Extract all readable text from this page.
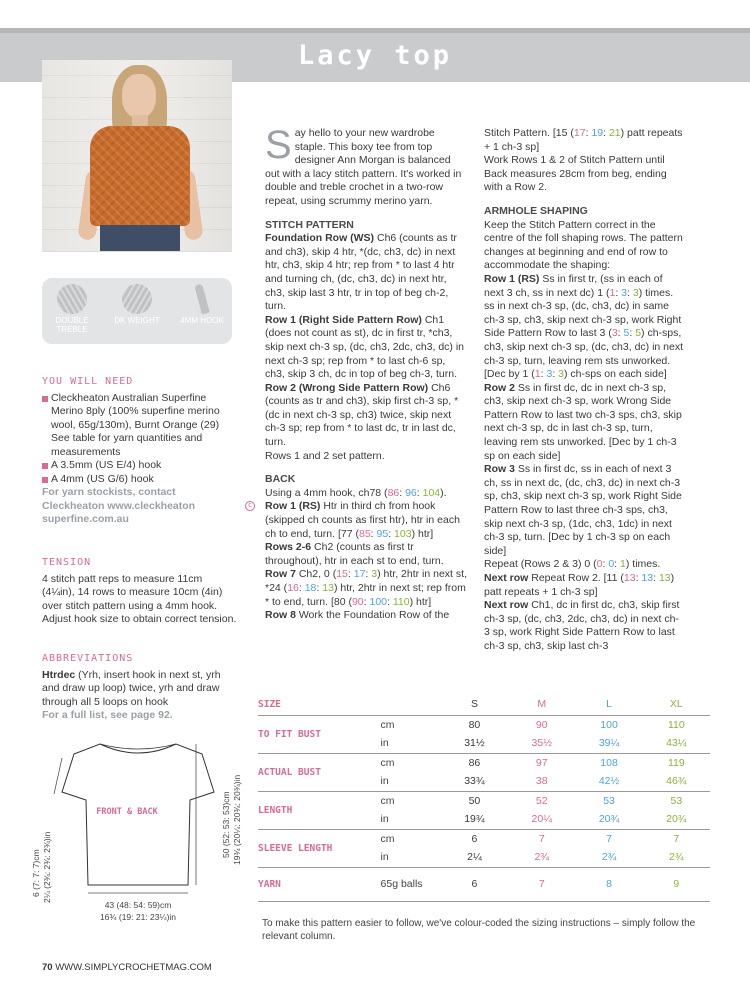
Lacy top
DOUBLE TREBLE
DK WEIGHT	4MM HOOK
YOU WILL NEED
Cleckheaton Australian Superfine Merino 8ply (100% superfine merino wool, 65g/130m), Burnt Orange (29) See table for yarn quantities and measurements
A 3.5mm (US E/4) hook
A 4mm (US G/6) hook
For yarn stockists, contact Cleckheaton www.cleckheaton superfine.com.au
TENSION
4 stitch patt reps to measure 11cm (4¼in), 14 rows to measure 10cm (4in) over stitch pattern using a 4mm hook. Adjust hook size to obtain correct tension.
ABBREVIATIONS
Htrdec (Yrh, insert hook in next st, yrh and draw up loop) twice, yrh and draw through all 5 loops on hook
For a full list, see page 92.
FRONT & BACK
43 (48: 54: 59)cm
16¾ (19: 21: 23¼)in
50 (52: 53: 53)cm 19¾ (20¼: 20¾: 20¾)in
6 (7: 7: 7)cm 2¼ (2¾: 2¾: 2¾)in
Say hello to your new wardrobe staple. This boxy tee from top designer Ann Morgan is balanced out with a lacy stitch pattern. It's worked in double and treble crochet in a two-row repeat, using scrummy merino yarn.
STITCH PATTERN
Foundation Row (WS) Ch6 (counts as tr and ch3), skip 4 htr, *(dc, ch3, dc) in next htr, ch3, skip 4 htr; rep from * to last 4 htr and turning ch, (dc, ch3, dc) in next htr, ch3, skip last 3 htr, tr in top of beg ch-2, turn.
Row 1 (Right Side Pattern Row) Ch1 (does not count as st), dc in first tr, *ch3, skip next ch-3 sp, (dc, ch3, 2dc, ch3, dc) in next ch-3 sp; rep from * to last ch-6 sp, ch3, skip 3 ch, dc in top of beg ch-3, turn.
Row 2 (Wrong Side Pattern Row) Ch6 (counts as tr and ch3), skip first ch-3 sp, *(dc in next ch-3 sp, ch3) twice, skip next ch-3 sp; rep from * to last dc, tr in last dc, turn.
Rows 1 and 2 set pattern.
BACK
Using a 4mm hook, ch78 (86: 96: 104).
Row 1 (RS) Htr in third ch from hook (skipped ch counts as first htr), htr in each ch to end, turn. [77 (85: 95: 103) htr]
Rows 2-6 Ch2 (counts as first tr throughout), htr in each st to end, turn.
Row 7 Ch2, 0 (15: 17: 3) htr, 2htr in next st, *24 (16: 18: 13) htr, 2htr in next st; rep from * to end, turn. [80 (90: 100: 110) htr]
Row 8 Work the Foundation Row of the
c
Stitch Pattern. [15 (17: 19: 21) patt repeats + 1 ch-3 sp]
Work Rows 1 & 2 of Stitch Pattern until Back measures 28cm from beg, ending with a Row 2.
ARMHOLE SHAPING
Keep the Stitch Pattern correct in the centre of the foll shaping rows. The pattern changes at beginning and end of row to accommodate the shaping:
Row 1 (RS) Ss in first tr, (ss in each of next 3 ch, ss in next dc) 1 (1: 3: 3) times. ss in next ch-3 sp, (dc, ch3, dc) in same ch-3 sp, ch3, skip next ch-3 sp, work Right Side Pattern Row to last 3 (3: 5: 5) ch-sps, ch3, skip next ch-3 sp, (dc, ch3, dc) in next ch-3 sp, turn, leaving rem sts unworked. [Dec by 1 (1: 3: 3) ch-sps on each side]
Row 2 Ss in first dc, dc in next ch-3 sp, ch3, skip next ch-3 sp, work Wrong Side Pattern Row to last two ch-3 sps, ch3, skip next ch-3 sp, dc in last ch-3 sp, turn, leaving rem sts unworked. [Dec by 1 ch-3 sp on each side]
Row 3 Ss in first dc, ss in each of next 3 ch, ss in next dc, (dc, ch3, dc) in next ch-3 sp, ch3, skip next ch-3 sp, work Right Side Pattern Row to last three ch-3 sps, ch3, skip next ch-3 sp, (1dc, ch3, 1dc) in next ch-3 sp, turn. [Dec by 1 ch-3 sp on each side]
Repeat (Rows 2 & 3) 0 (0: 0: 1) times.
Next row Repeat Row 2. [11 (13: 13: 13) patt repeats + 1 ch-3 sp]
Next row Ch1, dc in first dc, ch3, skip first ch-3 sp, (dc, ch3, 2dc, ch3, dc) in next ch-3 sp, work Right Side Pattern Row to last ch-3 sp, ch3, skip last ch-3
SIZE		S	M	L	XL
TO FIT BUST	cm	80	90	100	110
	in	31½	35½	39¼	43¼
ACTUAL BUST	cm	86	97	108	119
	in	33¾	38	42½	46¾
LENGTH	cm	50	52	53	53
	in	19¾	20¼	20¾	20¾
SLEEVE LENGTH	cm	6	7	7	7
	in	2¼	2¾	2¾	2¾
YARN	65g balls	6	7	8	9
To make this pattern easier to follow, we've colour-coded the sizing instructions – simply follow the relevant column.
70 WWW.SIMPLYCROCHETMAG.COM
